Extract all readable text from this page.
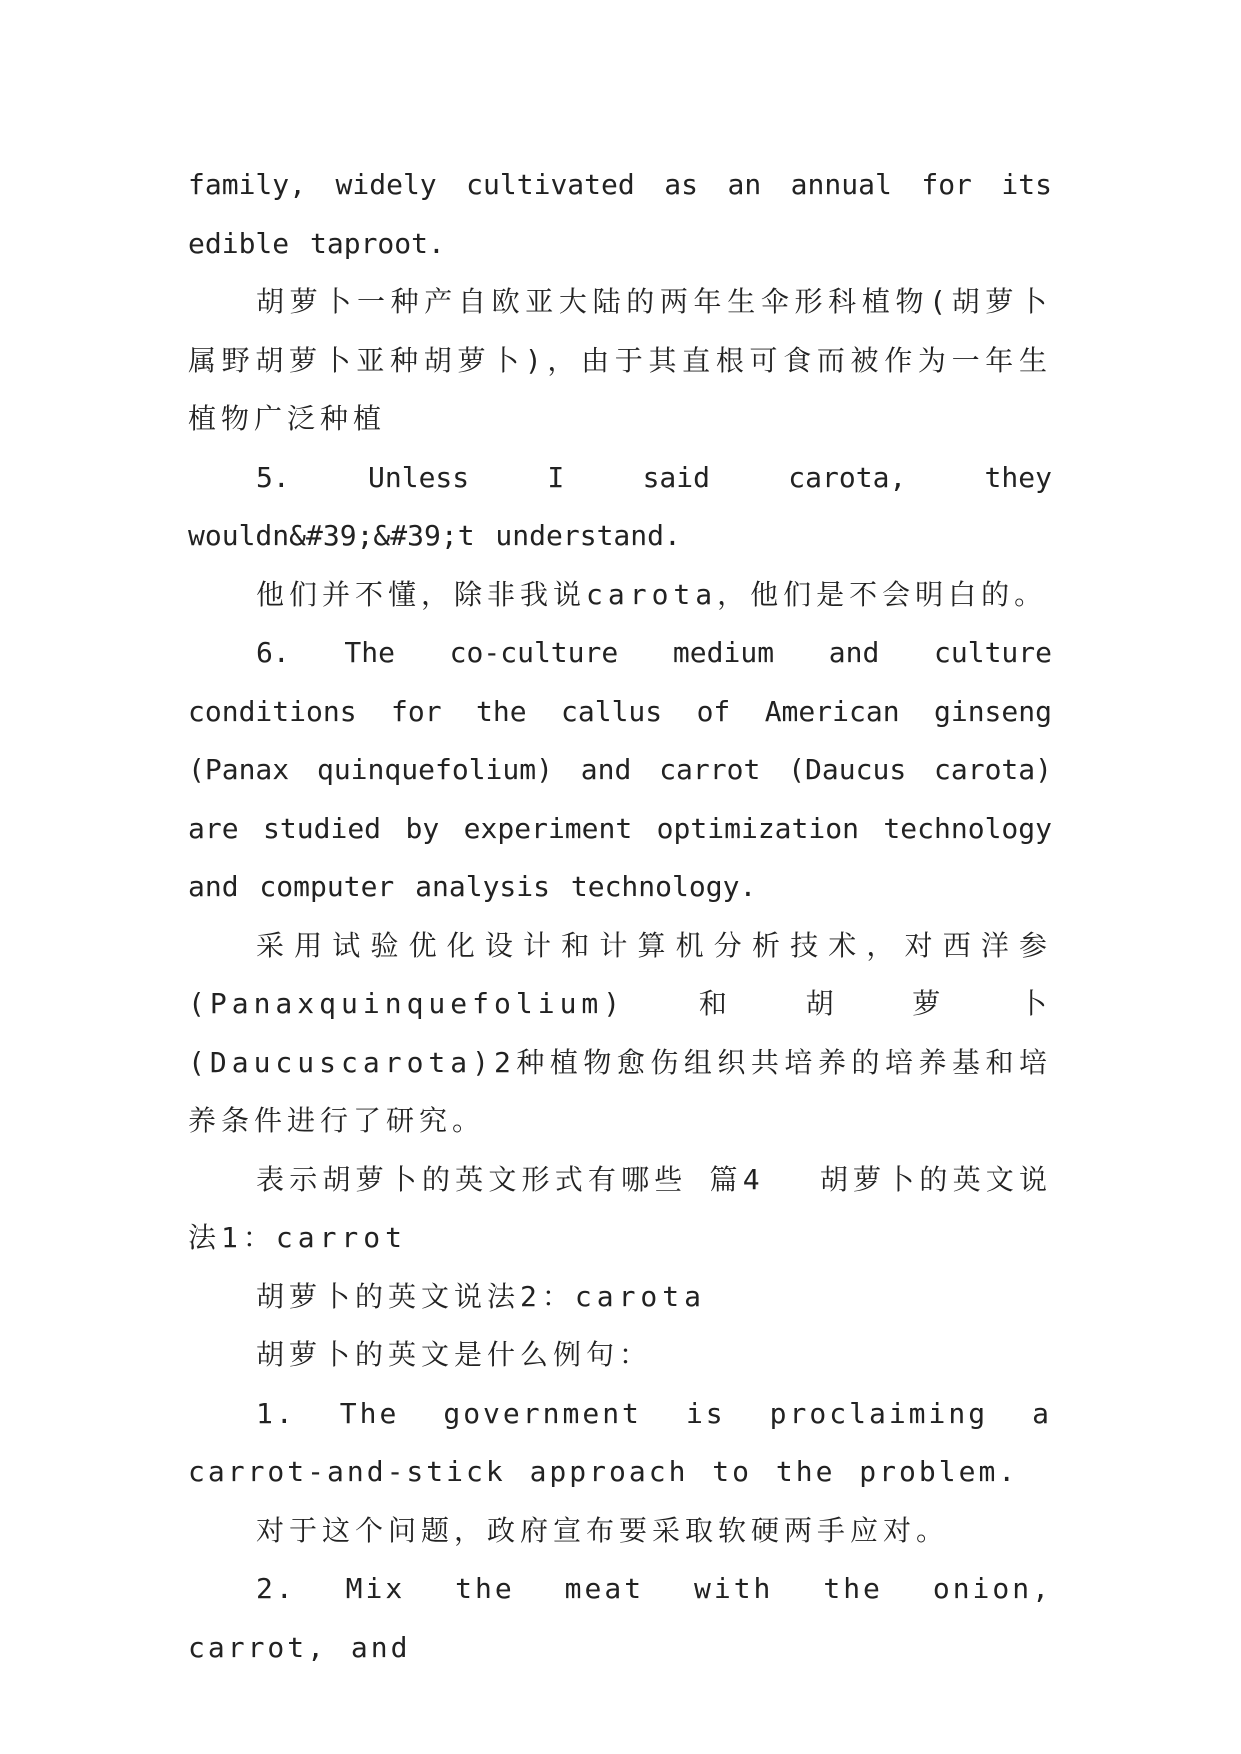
family, widely cultivated as an annual for its edible taproot.

胡萝卜一种产自欧亚大陆的两年生伞形科植物(胡萝卜属野胡萝卜亚种胡萝卜)，由于其直根可食而被作为一年生植物广泛种植

5. Unless I said carota, they wouldn&#39;&#39;t understand.

他们并不懂，除非我说carota，他们是不会明白的。

6. The co-culture medium and culture conditions for the callus of American ginseng (Panax quinquefolium) and carrot (Daucus carota) are studied by experiment optimization technology and computer analysis technology.

采用试验优化设计和计算机分析技术，对西洋参(Panaxquinquefolium)和胡萝卜(Daucuscarota)2种植物愈伤组织共培养的培养基和培养条件进行了研究。

表示胡萝卜的英文形式有哪些 篇4 　胡萝卜的英文说法1：carrot

胡萝卜的英文说法2：carota

胡萝卜的英文是什么例句：

1. The government is proclaiming a carrot-and-stick approach to the problem.

对于这个问题，政府宣布要采取软硬两手应对。

2. Mix the meat with the onion, carrot, and
